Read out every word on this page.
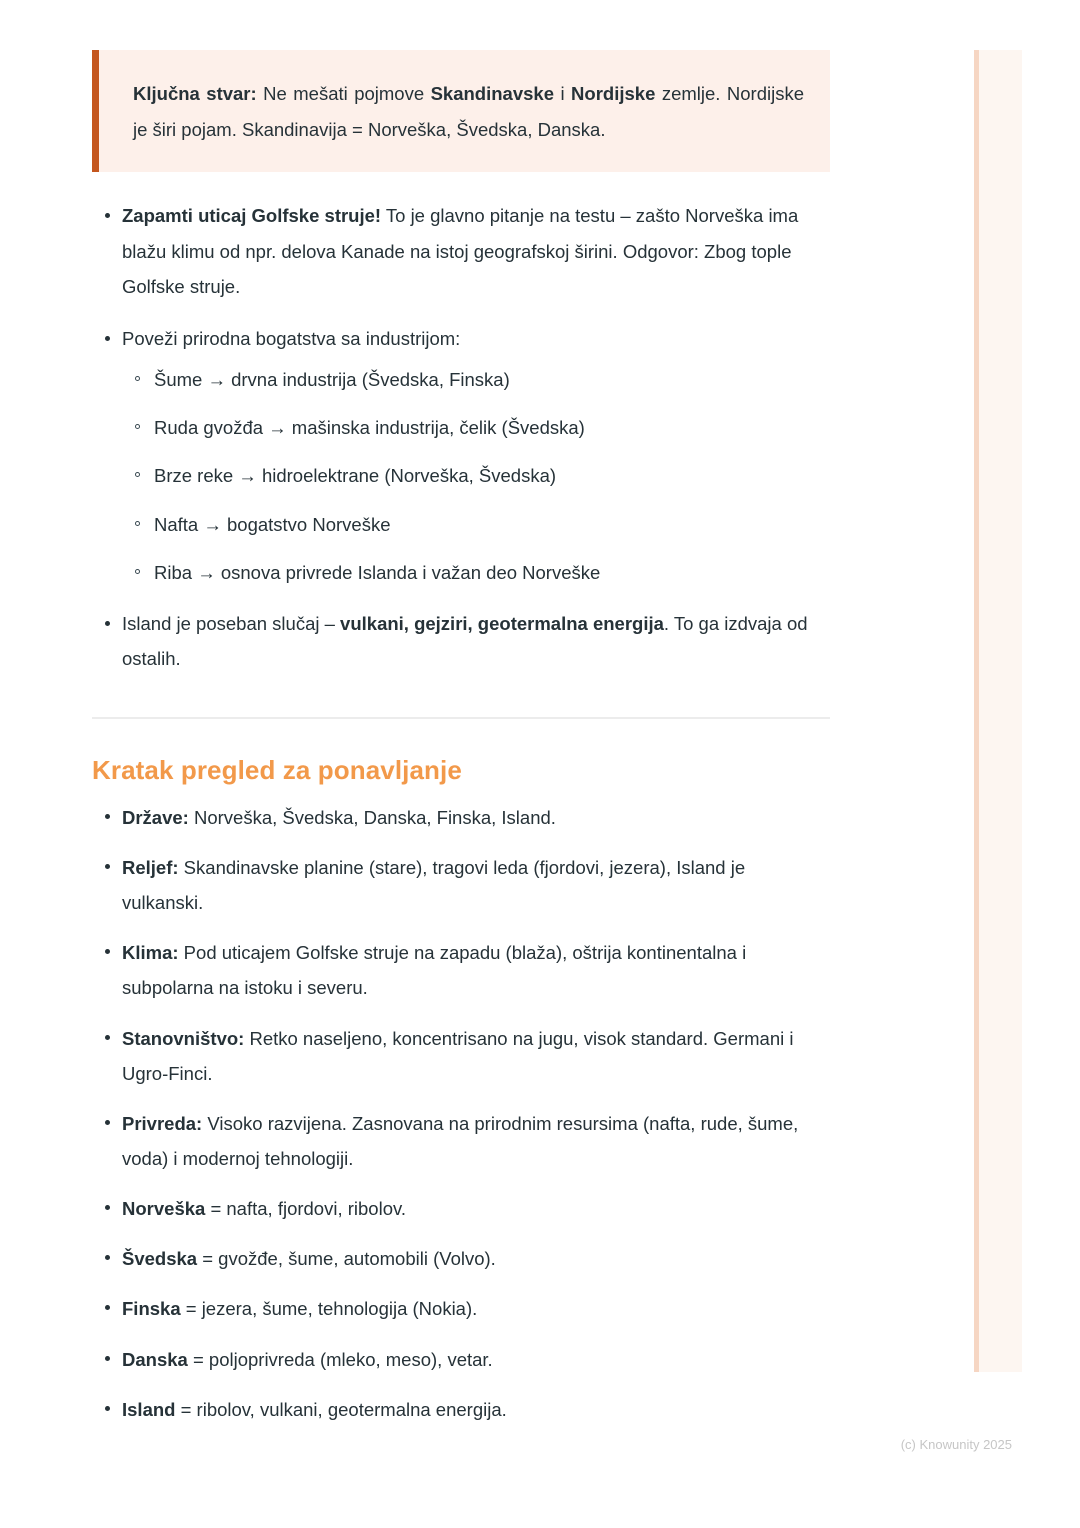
Ključna stvar: Ne mešati pojmove Skandinavske i Nordijske zemlje. Nordijske je širi pojam. Skandinavija = Norveška, Švedska, Danska.
Zapamti uticaj Golfske struje! To je glavno pitanje na testu – zašto Norveška ima blažu klimu od npr. delova Kanade na istoj geografskoj širini. Odgovor: Zbog tople Golfske struje.
Poveži prirodna bogatstva sa industrijom:
Šume → drvna industrija (Švedska, Finska)
Ruda gvožđa → mašinska industrija, čelik (Švedska)
Brze reke → hidroelektrane (Norveška, Švedska)
Nafta → bogatstvo Norveške
Riba → osnova privrede Islanda i važan deo Norveške
Island je poseban slučaj – vulkani, gejziri, geotermalna energija. To ga izdvaja od ostalih.
Kratak pregled za ponavljanje
Države: Norveška, Švedska, Danska, Finska, Island.
Reljef: Skandinavske planine (stare), tragovi leda (fjordovi, jezera), Island je vulkanski.
Klima: Pod uticajem Golfske struje na zapadu (blaža), oštrija kontinentalna i subpolarna na istoku i severu.
Stanovništvo: Retko naseljeno, koncentrisano na jugu, visok standard. Germani i Ugro-Finci.
Privreda: Visoko razvijena. Zasnovana na prirodnim resursima (nafta, rude, šume, voda) i modernoj tehnologiji.
Norveška = nafta, fjordovi, ribolov.
Švedska = gvožđe, šume, automobili (Volvo).
Finska = jezera, šume, tehnologija (Nokia).
Danska = poljoprivreda (mleko, meso), vetar.
Island = ribolov, vulkani, geotermalna energija.
(c) Knowunity 2025
